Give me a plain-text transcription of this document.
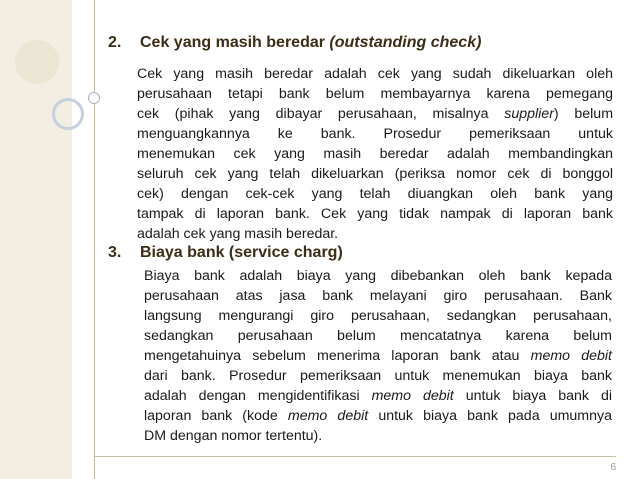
2. Cek yang masih beredar (outstanding check)
Cek yang masih beredar adalah cek yang sudah dikeluarkan oleh
perusahaan tetapi bank belum membayarnya karena pemegang
cek (pihak yang dibayar perusahaan, misalnya supplier) belum
menguangkannya ke bank. Prosedur pemeriksaan untuk
menemukan cek yang masih beredar adalah membandingkan
seluruh cek yang telah dikeluarkan (periksa nomor cek di bonggol
cek) dengan cek-cek yang telah diuangkan oleh bank yang
tampak di laporan bank. Cek yang tidak nampak di laporan bank
adalah cek yang masih beredar.
3. Biaya bank (service charg)
Biaya bank adalah biaya yang dibebankan oleh bank kepada
perusahaan atas jasa bank melayani giro perusahaan. Bank
langsung mengurangi giro perusahaan, sedangkan perusahaan,
sedangkan perusahaan belum mencatatnya karena belum
mengetahuinya sebelum menerima laporan bank atau memo debit
dari bank. Prosedur pemeriksaan untuk menemukan biaya bank
adalah dengan mengidentifikasi memo debit untuk biaya bank di
laporan bank (kode memo debit untuk biaya bank pada umumnya
DM dengan nomor tertentu).
6
